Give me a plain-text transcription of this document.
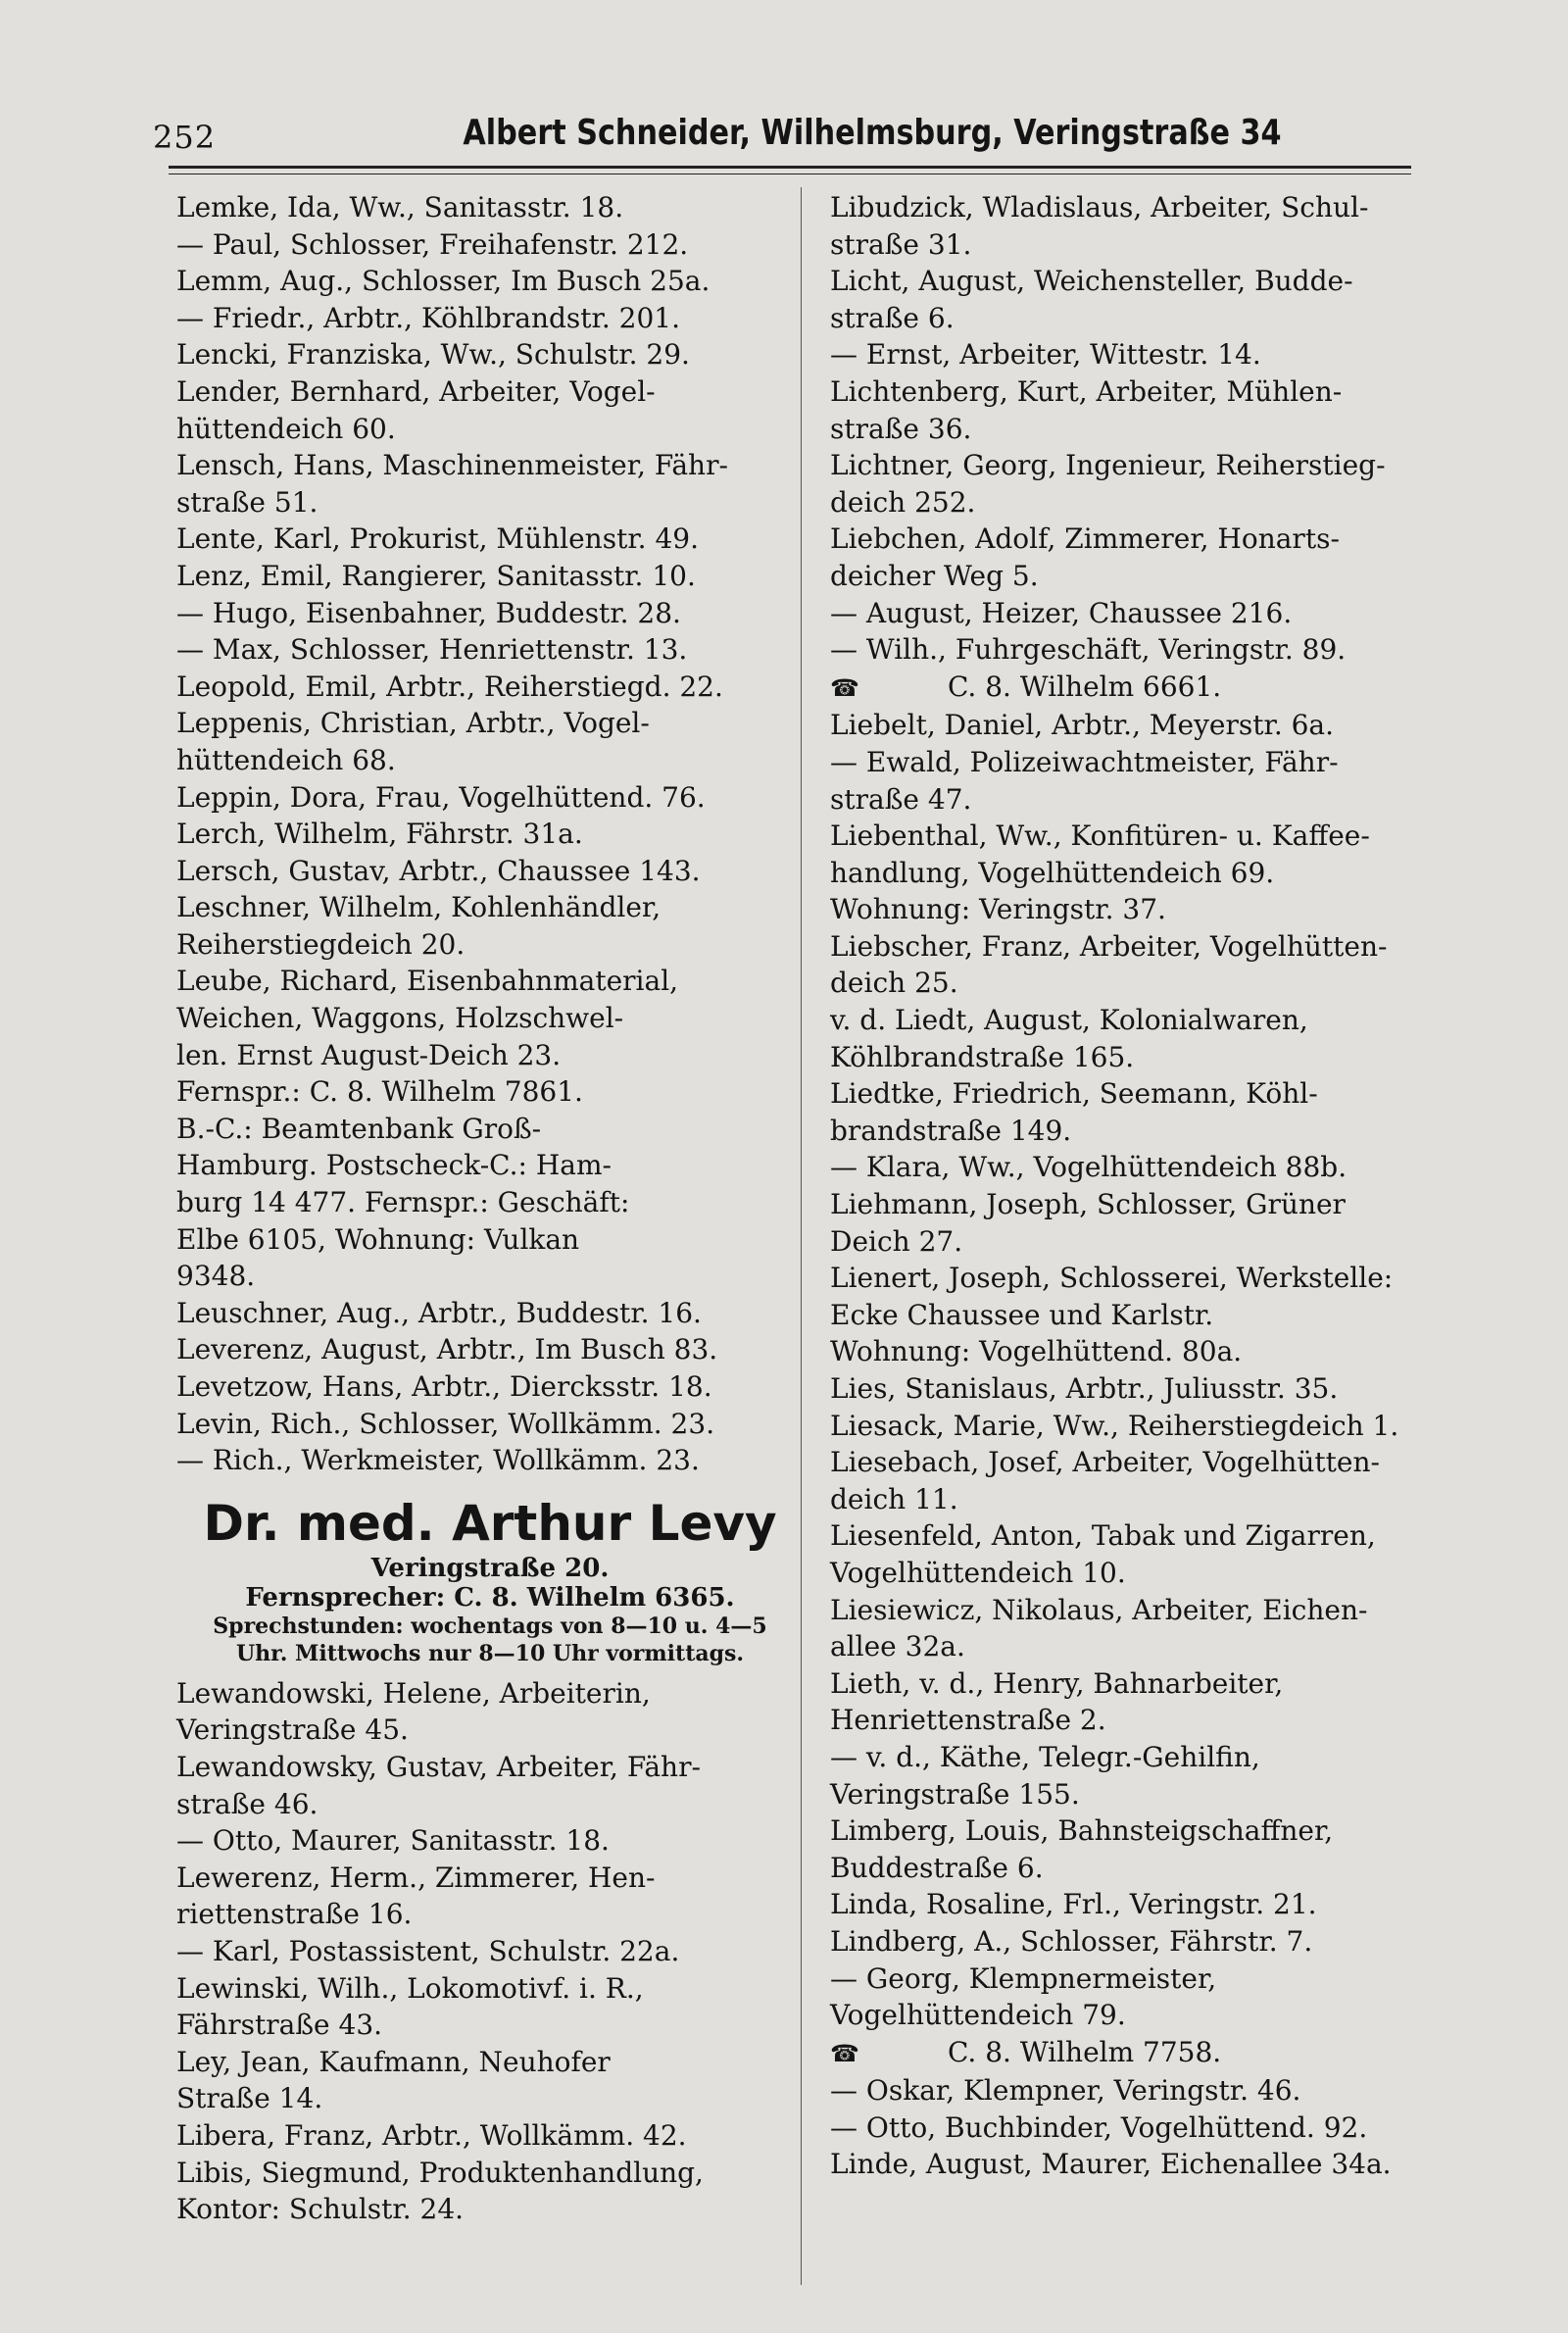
252	Albert Schneider, Wilhelmsburg, Veringstraße 34
Lemke, Ida, Ww., Sanitasstr. 18.
— Paul, Schlosser, Freihafenstr. 212.
Lemm, Aug., Schlosser, Im Busch 25a.
— Friedr., Arbtr., Köhlbrandstr. 201.
Lencki, Franziska, Ww., Schulstr. 29.
Lender, Bernhard, Arbeiter, Vogel-
hüttendeich 60.
Lensch, Hans, Maschinenmeister, Fähr-
straße 51.
Lente, Karl, Prokurist, Mühlenstr. 49.
Lenz, Emil, Rangierer, Sanitasstr. 10.
— Hugo, Eisenbahner, Buddestr. 28.
— Max, Schlosser, Henriettenstr. 13.
Leopold, Emil, Arbtr., Reiherstiegd. 22.
Leppenis, Christian, Arbtr., Vogel-
hüttendeich 68.
Leppin, Dora, Frau, Vogelhüttend. 76.
Lerch, Wilhelm, Fährstr. 31a.
Lersch, Gustav, Arbtr., Chaussee 143.
Leschner, Wilhelm, Kohlenhändler,
Reiherstiegdeich 20.
Leube, Richard, Eisenbahnmaterial,
Weichen, Waggons, Holzschwel-
len. Ernst August-Deich 23.
Fernspr.: C. 8. Wilhelm 7861.
B.-C.: Beamtenbank Groß-
Hamburg. Postscheck-C.: Ham-
burg 14 477. Fernspr.: Geschäft:
Elbe 6105, Wohnung: Vulkan
9348.
Leuschner, Aug., Arbtr., Buddestr. 16.
Leverenz, August, Arbtr., Im Busch 83.
Levetzow, Hans, Arbtr., Diercksstr. 18.
Levin, Rich., Schlosser, Wollkämm. 23.
— Rich., Werkmeister, Wollkämm. 23.
Dr. med. Arthur Levy
Veringstraße 20.
Fernsprecher: C. 8. Wilhelm 6365.
Sprechstunden: wochentags von 8—10 u. 4—5
Uhr. Mittwochs nur 8—10 Uhr vormittags.
Lewandowski, Helene, Arbeiterin,
Veringstraße 45.
Lewandowsky, Gustav, Arbeiter, Fähr-
straße 46.
— Otto, Maurer, Sanitasstr. 18.
Lewerenz, Herm., Zimmerer, Hen-
riettenstraße 16.
— Karl, Postassistent, Schulstr. 22a.
Lewinski, Wilh., Lokomotivf. i. R.,
Fährstraße 43.
Ley, Jean, Kaufmann, Neuhofer
Straße 14.
Libera, Franz, Arbtr., Wollkämm. 42.
Libis, Siegmund, Produktenhandlung,
Kontor: Schulstr. 24.
Libudzick, Wladislaus, Arbeiter, Schul-
straße 31.
Licht, August, Weichensteller, Budde-
straße 6.
— Ernst, Arbeiter, Wittestr. 14.
Lichtenberg, Kurt, Arbeiter, Mühlen-
straße 36.
Lichtner, Georg, Ingenieur, Reiherstieg-
deich 252.
Liebchen, Adolf, Zimmerer, Honarts-
deicher Weg 5.
— August, Heizer, Chaussee 216.
— Wilh., Fuhrgeschäft, Veringstr. 89.
☎	C. 8. Wilhelm 6661.
Liebelt, Daniel, Arbtr., Meyerstr. 6a.
— Ewald, Polizeiwachtmeister, Fähr-
straße 47.
Liebenthal, Ww., Konfitüren- u. Kaffee-
handlung, Vogelhüttendeich 69.
Wohnung: Veringstr. 37.
Liebscher, Franz, Arbeiter, Vogelhütten-
deich 25.
v. d. Liedt, August, Kolonialwaren,
Köhlbrandstraße 165.
Liedtke, Friedrich, Seemann, Köhl-
brandstraße 149.
— Klara, Ww., Vogelhüttendeich 88b.
Liehmann, Joseph, Schlosser, Grüner
Deich 27.
Lienert, Joseph, Schlosserei, Werkstelle:
Ecke Chaussee und Karlstr.
Wohnung: Vogelhüttend. 80a.
Lies, Stanislaus, Arbtr., Juliusstr. 35.
Liesack, Marie, Ww., Reiherstiegdeich 1.
Liesebach, Josef, Arbeiter, Vogelhütten-
deich 11.
Liesenfeld, Anton, Tabak und Zigarren,
Vogelhüttendeich 10.
Liesiewicz, Nikolaus, Arbeiter, Eichen-
allee 32a.
Lieth, v. d., Henry, Bahnarbeiter,
Henriettenstraße 2.
— v. d., Käthe, Telegr.-Gehilfin,
Veringstraße 155.
Limberg, Louis, Bahnsteigschaffner,
Buddestraße 6.
Linda, Rosaline, Frl., Veringstr. 21.
Lindberg, A., Schlosser, Fährstr. 7.
— Georg, Klempnermeister,
Vogelhüttendeich 79.
☎	C. 8. Wilhelm 7758.
— Oskar, Klempner, Veringstr. 46.
— Otto, Buchbinder, Vogelhüttend. 92.
Linde, August, Maurer, Eichenallee 34a.
